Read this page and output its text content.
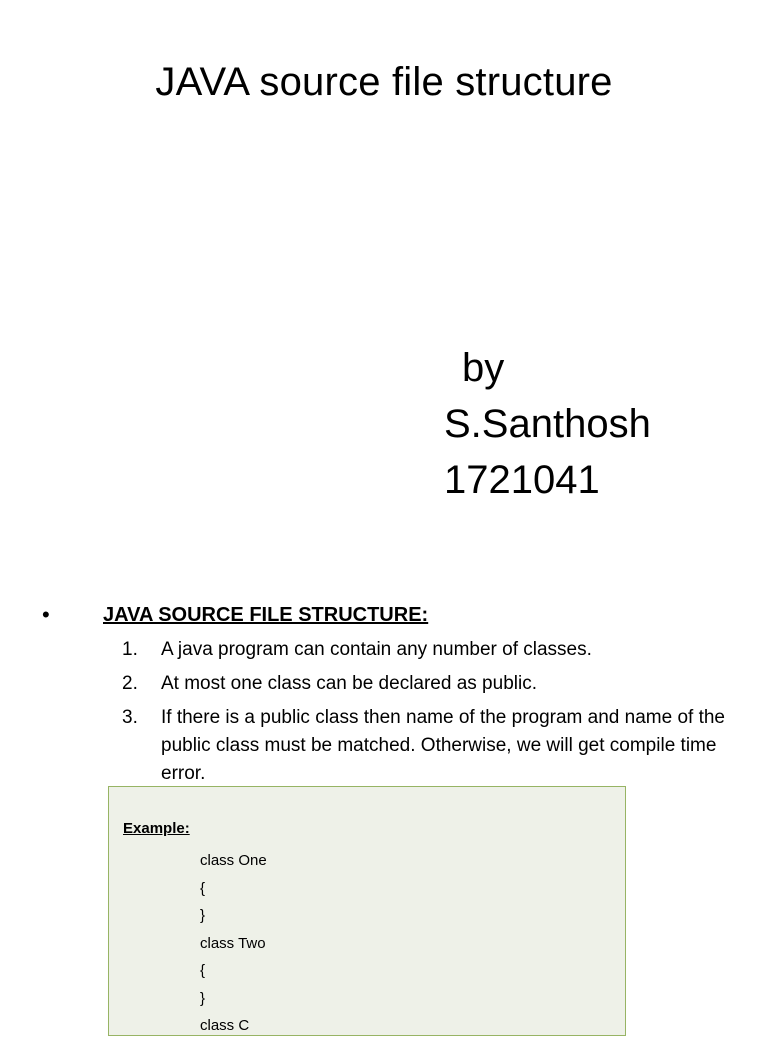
JAVA source file structure
by
S.Santhosh
1721041
•	JAVA SOURCE FILE STRUCTURE:
1. A java program can contain any number of classes.
2. At most one class can be declared as public.
3. If there is a public class then name of the program and name of the public class must be matched. Otherwise, we will get compile time error.
Example:
class One
{
}
class Two
{
}
class C
